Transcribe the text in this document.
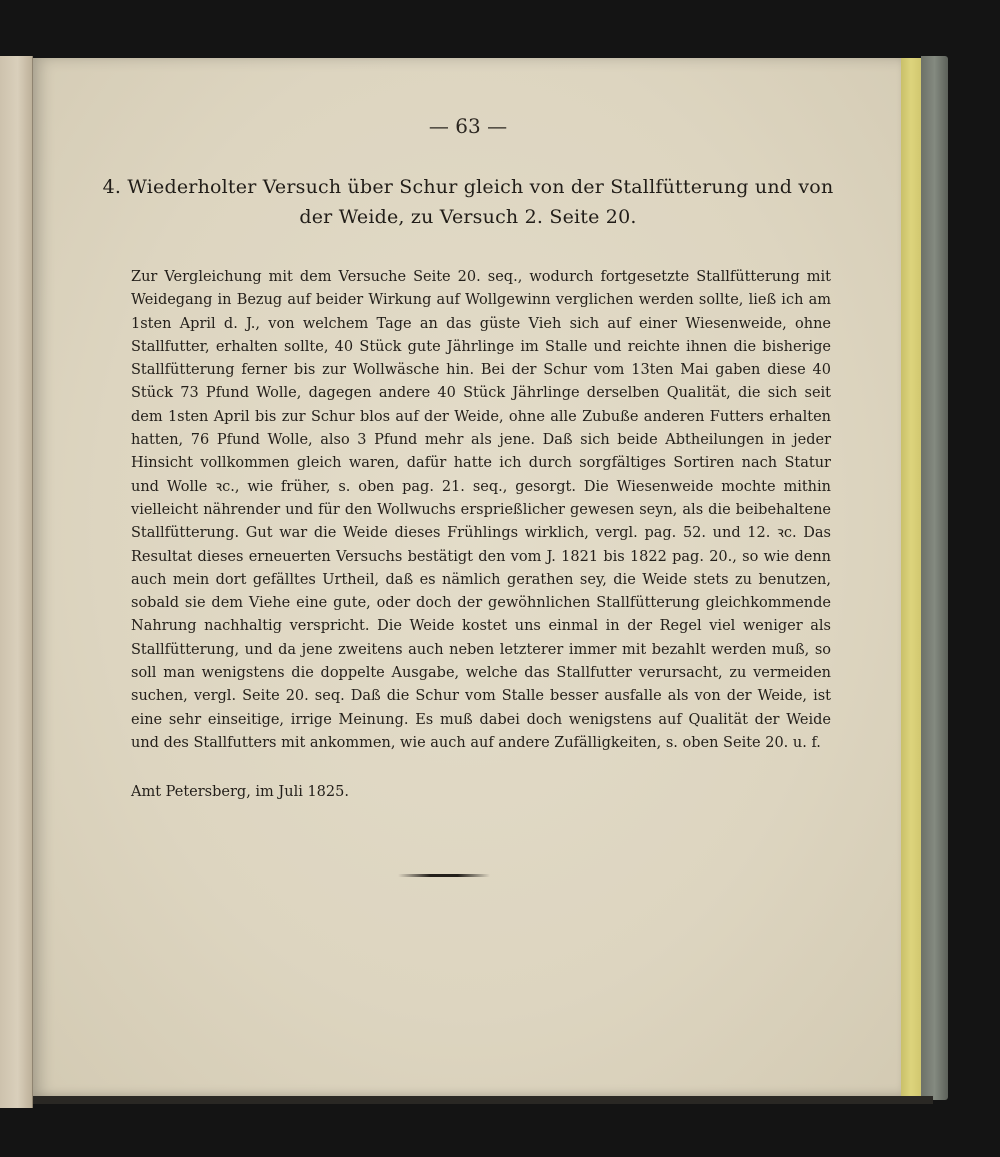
— 63 —
4. Wiederholter Versuch über Schur gleich von der Stallfütterung und von der Weide, zu Versuch 2. Seite 20.

Zur Vergleichung mit dem Versuche Seite 20. seq., wodurch fortgesetzte Stallfütterung mit Weidegang in Bezug auf beider Wirkung auf Wollgewinn verglichen werden sollte, ließ ich am 1sten April d. J., von welchem Tage an das güste Vieh sich auf einer Wiesenweide, ohne Stallfutter, erhalten sollte, 40 Stück gute Jährlinge im Stalle und reichte ihnen die bisherige Stallfütterung ferner bis zur Wollwäsche hin. Bei der Schur vom 13ten Mai gaben diese 40 Stück 73 Pfund Wolle, dagegen andere 40 Stück Jährlinge derselben Qualität, die sich seit dem 1sten April bis zur Schur blos auf der Weide, ohne alle Zubuße anderen Futters erhalten hatten, 76 Pfund Wolle, also 3 Pfund mehr als jene. Daß sich beide Abtheilungen in jeder Hinsicht vollkommen gleich waren, dafür hatte ich durch sorgfältiges Sortiren nach Statur und Wolle ꝛc., wie früher, s. oben pag. 21. seq., gesorgt. Die Wiesenweide mochte mithin vielleicht nährender und für den Wollwuchs ersprießlicher gewesen seyn, als die beibehaltene Stallfütterung. Gut war die Weide dieses Frühlings wirklich, vergl. pag. 52. und 12. ꝛc. Das Resultat dieses erneuerten Versuchs bestätigt den vom J. 1821 bis 1822 pag. 20., so wie denn auch mein dort gefälltes Urtheil, daß es nämlich gerathen sey, die Weide stets zu benutzen, sobald sie dem Viehe eine gute, oder doch der gewöhnlichen Stallfütterung gleichkommende Nahrung nachhaltig verspricht. Die Weide kostet uns einmal in der Regel viel weniger als Stallfütterung, und da jene zweitens auch neben letzterer immer mit bezahlt werden muß, so soll man wenigstens die doppelte Ausgabe, welche das Stallfutter verursacht, zu vermeiden suchen, vergl. Seite 20. seq. Daß die Schur vom Stalle besser ausfalle als von der Weide, ist eine sehr einseitige, irrige Meinung. Es muß dabei doch wenigstens auf Qualität der Weide und des Stallfutters mit ankommen, wie auch auf andere Zufälligkeiten, s. oben Seite 20. u. f.

Amt Petersberg, im Juli 1825.
